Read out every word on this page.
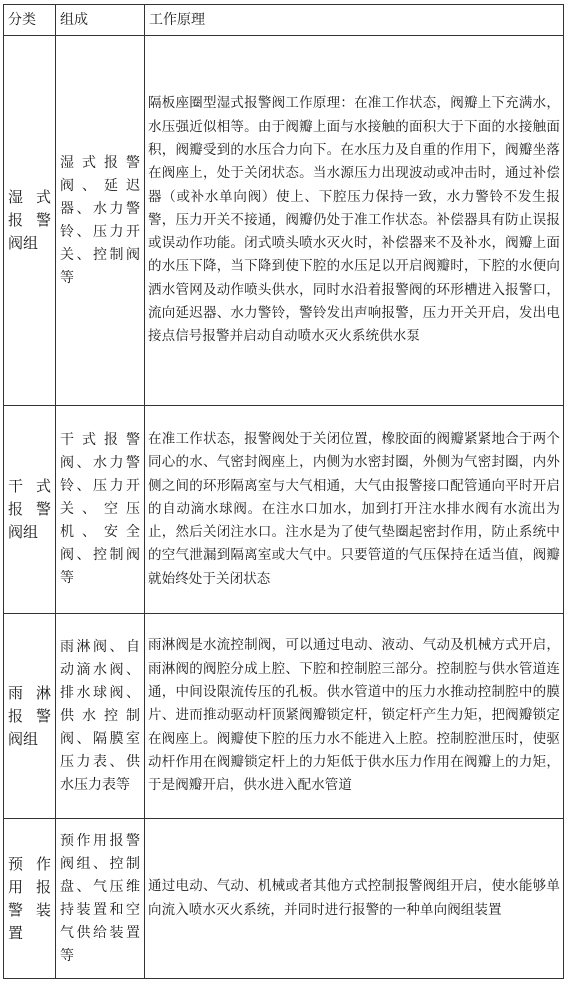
分类	组成	工作原理
湿式报警阀组	湿式报警阀、延迟器、水力警铃、压力开关、控制阀等	隔板座圈型湿式报警阀工作原理：在准工作状态，阀瓣上下充满水，水压强近似相等。由于阀瓣上面与水接触的面积大于下面的水接触面积，阀瓣受到的水压合力向下。在水压力及自重的作用下，阀瓣坐落在阀座上，处于关闭状态。当水源压力出现波动或冲击时，通过补偿器（或补水单向阀）使上、下腔压力保持一致，水力警铃不发生报警，压力开关不接通，阀瓣仍处于准工作状态。补偿器具有防止误报或误动作功能。闭式喷头喷水灭火时，补偿器来不及补水，阀瓣上面的水压下降，当下降到使下腔的水压足以开启阀瓣时，下腔的水便向洒水管网及动作喷头供水，同时水沿着报警阀的环形槽进入报警口，流向延迟器、水力警铃，警铃发出声响报警，压力开关开启，发出电接点信号报警并启动自动喷水灭火系统供水泵
干式报警阀组	干式报警阀、水力警铃、压力开关、空压机、安全阀、控制阀等	在准工作状态，报警阀处于关闭位置，橡胶面的阀瓣紧紧地合于两个同心的水、气密封阀座上，内侧为水密封圈，外侧为气密封圈，内外侧之间的环形隔离室与大气相通，大气由报警接口配管通向平时开启的自动滴水球阀。在注水口加水，加到打开注水排水阀有水流出为止，然后关闭注水口。注水是为了使气垫圈起密封作用，防止系统中的空气泄漏到隔离室或大气中。只要管道的气压保持在适当值，阀瓣就始终处于关闭状态
雨淋报警阀组	雨淋阀、自动滴水阀、排水球阀、供水控制阀、隔膜室压力表、供水压力表等	雨淋阀是水流控制阀，可以通过电动、液动、气动及机械方式开启，雨淋阀的阀腔分成上腔、下腔和控制腔三部分。控制腔与供水管道连通，中间设限流传压的孔板。供水管道中的压力水推动控制腔中的膜片、进而推动驱动杆顶紧阀瓣锁定杆，锁定杆产生力矩，把阀瓣锁定在阀座上。阀瓣使下腔的压力水不能进入上腔。控制腔泄压时，使驱动杆作用在阀瓣锁定杆上的力矩低于供水压力作用在阀瓣上的力矩，于是阀瓣开启，供水进入配水管道
预作用报警装置	预作用报警阀组、控制盘、气压维持装置和空气供给装置等	通过电动、气动、机械或者其他方式控制报警阀组开启，使水能够单向流入喷水灭火系统，并同时进行报警的一种单向阀组装置
